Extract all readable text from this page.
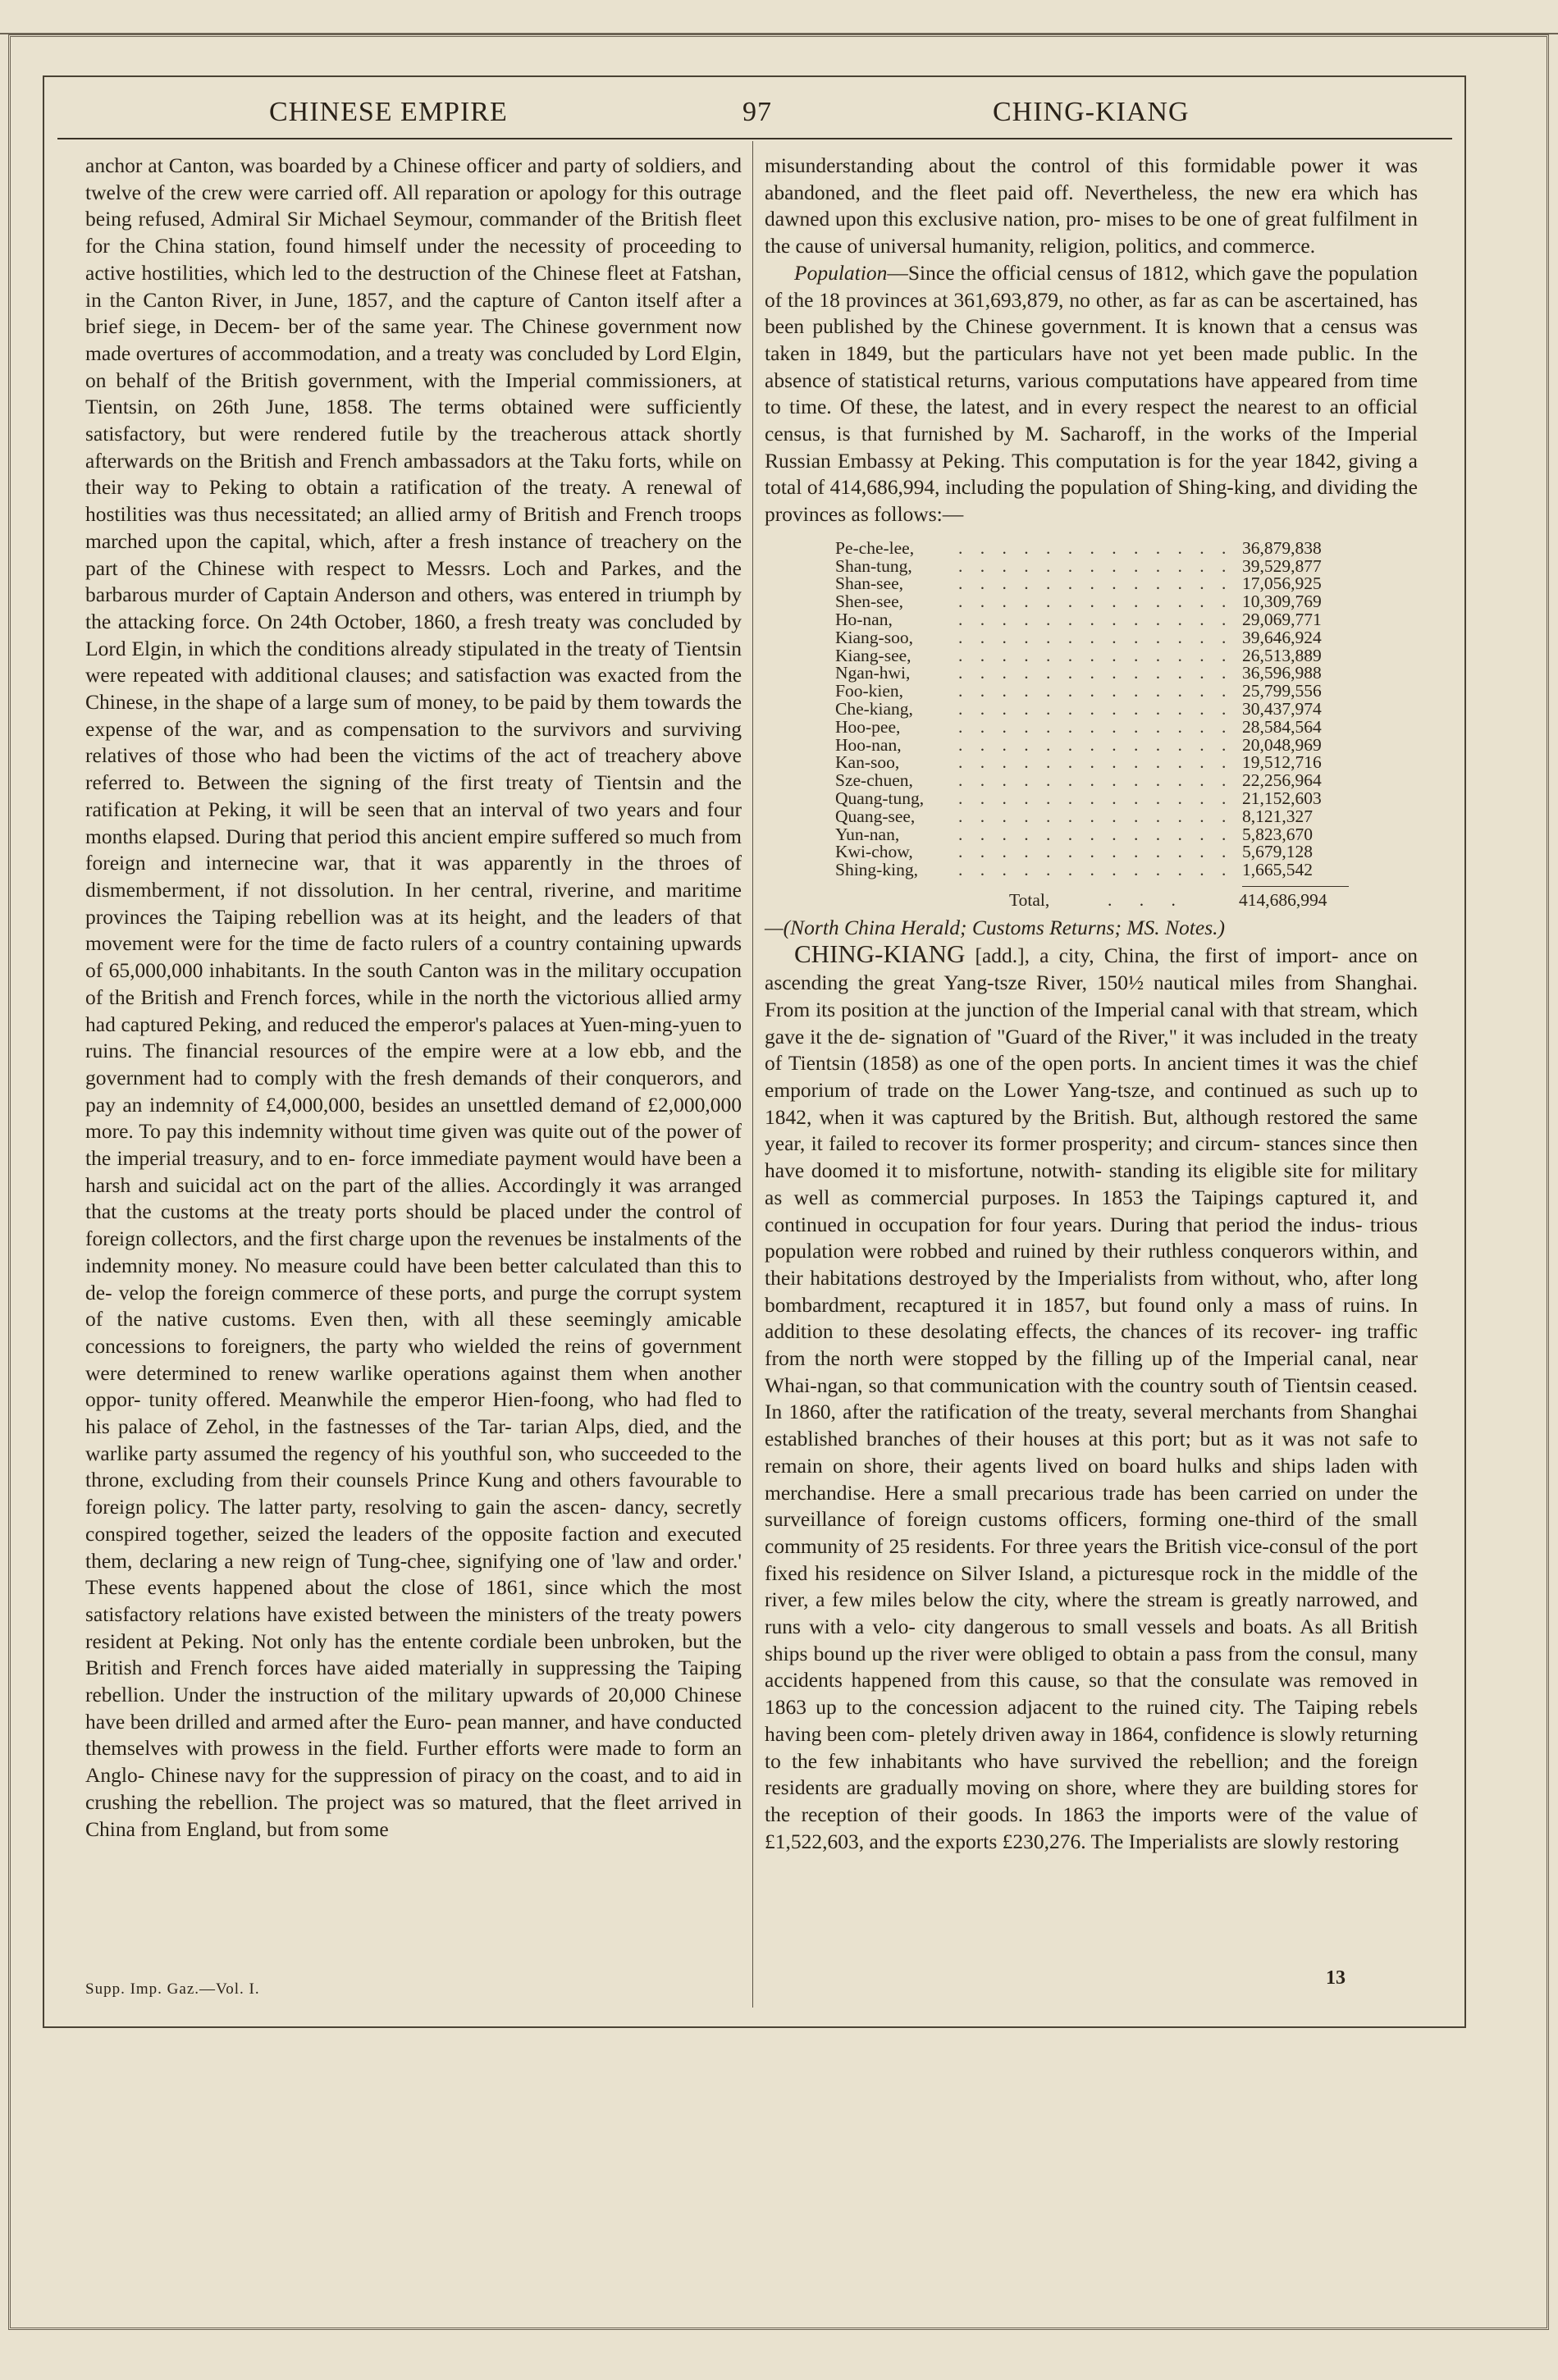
CHINESE EMPIRE	97	CHING-KIANG

anchor at Canton, was boarded by a Chinese officer and party of soldiers, and twelve of the crew were carried off. All reparation or apology for this outrage being refused, Admiral Sir Michael Seymour, commander of the British fleet for the China station, found himself under the necessity of proceeding to active hostilities, which led to the destruction of the Chinese fleet at Fatshan, in the Canton River, in June, 1857, and the capture of Canton itself after a brief siege, in Decem- ber of the same year. The Chinese government now made overtures of accommodation, and a treaty was concluded by Lord Elgin, on behalf of the British government, with the Imperial commissioners, at Tientsin, on 26th June, 1858. The terms obtained were sufficiently satisfactory, but were rendered futile by the treacherous attack shortly afterwards on the British and French ambassadors at the Taku forts, while on their way to Peking to obtain a ratification of the treaty. A renewal of hostilities was thus necessitated; an allied army of British and French troops marched upon the capital, which, after a fresh instance of treachery on the part of the Chinese with respect to Messrs. Loch and Parkes, and the barbarous murder of Captain Anderson and others, was entered in triumph by the attacking force. On 24th October, 1860, a fresh treaty was concluded by Lord Elgin, in which the conditions already stipulated in the treaty of Tientsin were repeated with additional clauses; and satisfaction was exacted from the Chinese, in the shape of a large sum of money, to be paid by them towards the expense of the war, and as compensation to the survivors and surviving relatives of those who had been the victims of the act of treachery above referred to. Between the signing of the first treaty of Tientsin and the ratification at Peking, it will be seen that an interval of two years and four months elapsed. During that period this ancient empire suffered so much from foreign and internecine war, that it was apparently in the throes of dismemberment, if not dissolution. In her central, riverine, and maritime provinces the Taiping rebellion was at its height, and the leaders of that movement were for the time de facto rulers of a country containing upwards of 65,000,000 inhabitants. In the south Canton was in the military occupation of the British and French forces, while in the north the victorious allied army had captured Peking, and reduced the emperor's palaces at Yuen-ming-yuen to ruins. The financial resources of the empire were at a low ebb, and the government had to comply with the fresh demands of their conquerors, and pay an indemnity of £4,000,000, besides an unsettled demand of £2,000,000 more. To pay this indemnity without time given was quite out of the power of the imperial treasury, and to en- force immediate payment would have been a harsh and suicidal act on the part of the allies. Accordingly it was arranged that the customs at the treaty ports should be placed under the control of foreign collectors, and the first charge upon the revenues be instalments of the indemnity money. No measure could have been better calculated than this to de- velop the foreign commerce of these ports, and purge the corrupt system of the native customs. Even then, with all these seemingly amicable concessions to foreigners, the party who wielded the reins of government were determined to renew warlike operations against them when another oppor- tunity offered. Meanwhile the emperor Hien-foong, who had fled to his palace of Zehol, in the fastnesses of the Tar- tarian Alps, died, and the warlike party assumed the regency of his youthful son, who succeeded to the throne, excluding from their counsels Prince Kung and others favourable to foreign policy. The latter party, resolving to gain the ascen- dancy, secretly conspired together, seized the leaders of the opposite faction and executed them, declaring a new reign of Tung-chee, signifying one of 'law and order.' These events happened about the close of 1861, since which the most satisfactory relations have existed between the ministers of the treaty powers resident at Peking. Not only has the entente cordiale been unbroken, but the British and French forces have aided materially in suppressing the Taiping rebellion. Under the instruction of the military upwards of 20,000 Chinese have been drilled and armed after the Euro- pean manner, and have conducted themselves with prowess in the field. Further efforts were made to form an Anglo- Chinese navy for the suppression of piracy on the coast, and to aid in crushing the rebellion. The project was so matured, that the fleet arrived in China from England, but from some

misunderstanding about the control of this formidable power it was abandoned, and the fleet paid off. Nevertheless, the new era which has dawned upon this exclusive nation, pro- mises to be one of great fulfilment in the cause of universal humanity, religion, politics, and commerce.

Population—Since the official census of 1812, which gave the population of the 18 provinces at 361,693,879, no other, as far as can be ascertained, has been published by the Chinese government. It is known that a census was taken in 1849, but the particulars have not yet been made public. In the absence of statistical returns, various computations have appeared from time to time. Of these, the latest, and in every respect the nearest to an official census, is that furnished by M. Sacharoff, in the works of the Imperial Russian Embassy at Peking. This computation is for the year 1842, giving a total of 414,686,994, including the population of Shing-king, and dividing the provinces as follows:—

Pe-che-lee,	. . . . . . . . . . . . . 36,879,838
Shan-tung,	. . . . . . . . . . . . . 39,529,877
Shan-see,	. . . . . . . . . . . . . 17,056,925
Shen-see,	. . . . . . . . . . . . . 10,309,769
Ho-nan,	. . . . . . . . . . . . . 29,069,771
Kiang-soo,	. . . . . . . . . . . . . 39,646,924
Kiang-see,	. . . . . . . . . . . . . 26,513,889
Ngan-hwi,	. . . . . . . . . . . . . 36,596,988
Foo-kien,	. . . . . . . . . . . . . 25,799,556
Che-kiang,	. . . . . . . . . . . . . 30,437,974
Hoo-pee,	. . . . . . . . . . . . . 28,584,564
Hoo-nan,	. . . . . . . . . . . . . 20,048,969
Kan-soo,	. . . . . . . . . . . . . 19,512,716
Sze-chuen,	. . . . . . . . . . . . . 22,256,964
Quang-tung,	. . . . . . . . . . . . . 21,152,603
Quang-see,	. . . . . . . . . . . . . 8,121,327
Yun-nan,	. . . . . . . . . . . . . 5,823,670
Kwi-chow,	. . . . . . . . . . . . . 5,679,128
Shing-king,	. . . . . . . . . . . . . 1,665,542
Total,	. . .	414,686,994

—(North China Herald; Customs Returns; MS. Notes.)

CHING-KIANG [add.], a city, China, the first of import- ance on ascending the great Yang-tsze River, 150½ nautical miles from Shanghai. From its position at the junction of the Imperial canal with that stream, which gave it the de- signation of "Guard of the River," it was included in the treaty of Tientsin (1858) as one of the open ports. In ancient times it was the chief emporium of trade on the Lower Yang-tsze, and continued as such up to 1842, when it was captured by the British. But, although restored the same year, it failed to recover its former prosperity; and circum- stances since then have doomed it to misfortune, notwith- standing its eligible site for military as well as commercial purposes. In 1853 the Taipings captured it, and continued in occupation for four years. During that period the indus- trious population were robbed and ruined by their ruthless conquerors within, and their habitations destroyed by the Imperialists from without, who, after long bombardment, recaptured it in 1857, but found only a mass of ruins. In addition to these desolating effects, the chances of its recover- ing traffic from the north were stopped by the filling up of the Imperial canal, near Whai-ngan, so that communication with the country south of Tientsin ceased. In 1860, after the ratification of the treaty, several merchants from Shanghai established branches of their houses at this port; but as it was not safe to remain on shore, their agents lived on board hulks and ships laden with merchandise. Here a small precarious trade has been carried on under the surveillance of foreign customs officers, forming one-third of the small community of 25 residents. For three years the British vice-consul of the port fixed his residence on Silver Island, a picturesque rock in the middle of the river, a few miles below the city, where the stream is greatly narrowed, and runs with a velo- city dangerous to small vessels and boats. As all British ships bound up the river were obliged to obtain a pass from the consul, many accidents happened from this cause, so that the consulate was removed in 1863 up to the concession adjacent to the ruined city. The Taiping rebels having been com- pletely driven away in 1864, confidence is slowly returning to the few inhabitants who have survived the rebellion; and the foreign residents are gradually moving on shore, where they are building stores for the reception of their goods. In 1863 the imports were of the value of £1,522,603, and the exports £230,276. The Imperialists are slowly restoring

Supp. Imp. Gaz.—Vol. I.
13
